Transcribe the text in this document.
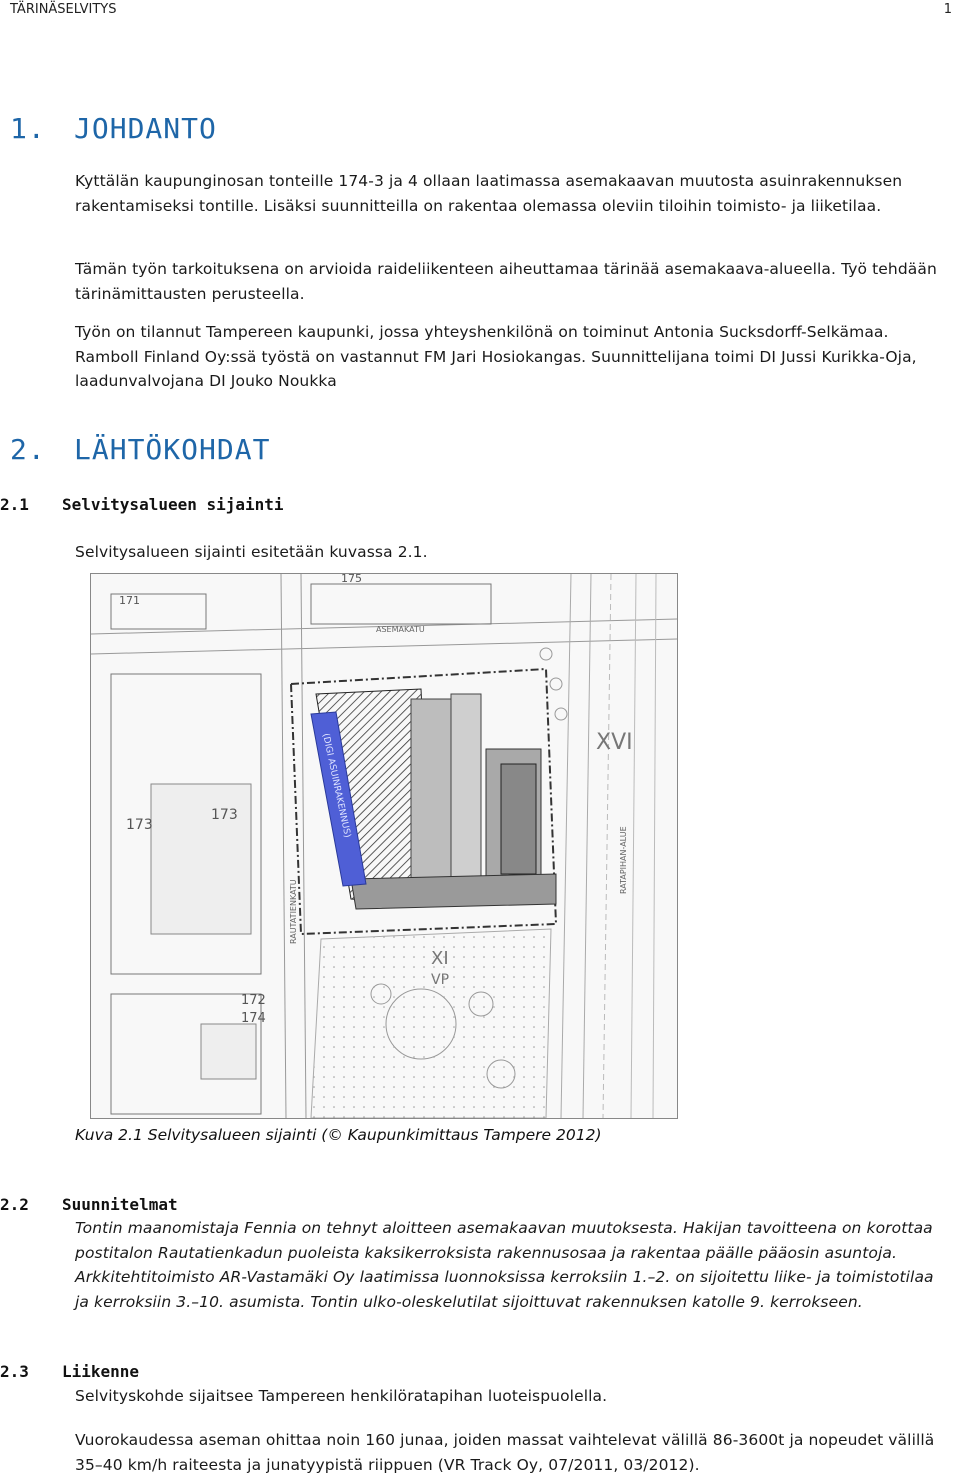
TÄRINÄSELVITYS	1
1. JOHDANTO
Kyttälän kaupunginosan tonteille 174-3 ja 4 ollaan laatimassa asemakaavan muutosta asuinrakennuksen rakentamiseksi tontille. Lisäksi suunnitteilla on rakentaa olemassa oleviin tiloihin toimisto- ja liiketilaa.
Tämän työn tarkoituksena on arvioida raideliikenteen aiheuttamaa tärinää asemakaava-alueella. Työ tehdään tärinämittausten perusteella.
Työn on tilannut Tampereen kaupunki, jossa yhteyshenkilönä on toiminut Antonia Sucksdorff-Selkämaa. Ramboll Finland Oy:ssä työstä on vastannut FM Jari Hosiokangas. Suunnittelijana toimi DI Jussi Kurikka-Oja, laadunvalvojana DI Jouko Noukka
2. LÄHTÖKOHDAT
2.1 Selvitysalueen sijainti
Selvitysalueen sijainti esitetään kuvassa 2.1.
171
175
173
173
172
174
XVI
XI
VP
ASEMAKATU
RAUTATIENKATU
RATAPIHAN-ALUE
(DIGI ASUINRAKENNUS)
Kuva 2.1 Selvitysalueen sijainti (© Kaupunkimittaus Tampere 2012)
2.2 Suunnitelmat
Tontin maanomistaja Fennia on tehnyt aloitteen asemakaavan muutoksesta. Hakijan tavoitteena on korottaa postitalon Rautatienkadun puoleista kaksikerroksista rakennusosaa ja rakentaa päälle pääosin asuntoja. Arkkitehtitoimisto AR-Vastamäki Oy laatimissa luonnoksissa kerroksiin 1.–2. on sijoitettu liike- ja toimistotilaa ja kerroksiin 3.–10. asumista. Tontin ulko-oleskelutilat sijoittuvat rakennuksen katolle 9. kerrokseen.
2.3 Liikenne
Selvityskohde sijaitsee Tampereen henkilöratapihan luoteispuolella.
Vuorokaudessa aseman ohittaa noin 160 junaa, joiden massat vaihtelevat välillä 86-3600t ja nopeudet välillä 35–40 km/h raiteesta ja junatyypistä riippuen (VR Track Oy, 07/2011, 03/2012).
